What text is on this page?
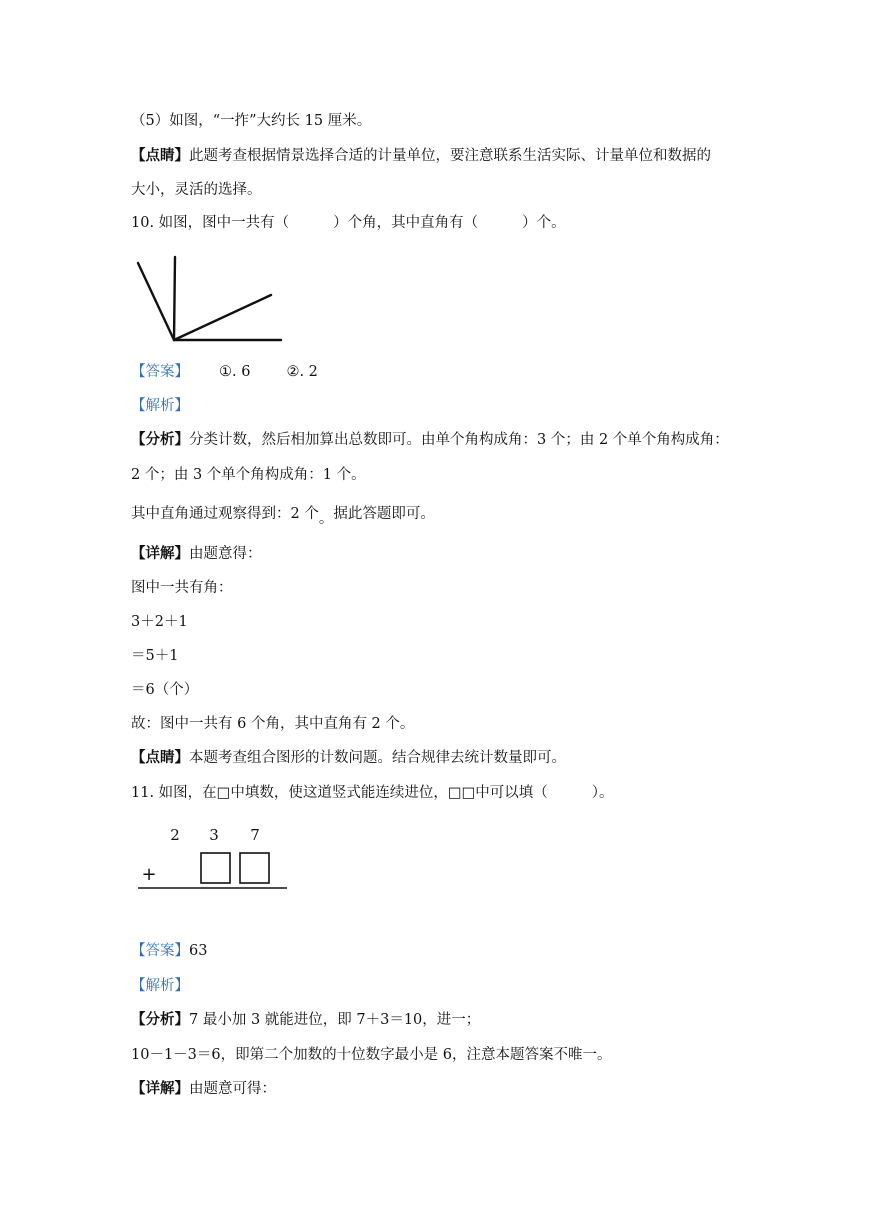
（5）如图，“一拃”大约长 15 厘米。
【点睛】此题考查根据情景选择合适的计量单位，要注意联系生活实际、计量单位和数据的
大小，灵活的选择。
10. 如图，图中一共有（	）个角，其中直角有（	）个。
【答案】 ①. 6 ②. 2
【解析】
【分析】分类计数，然后相加算出总数即可。由单个角构成角：3 个；由 2 个单个角构成角：
2 个；由 3 个单个角构成角：1 个。
其中直角通过观察得到：2 个。据此答题即可。
【详解】由题意得：
图中一共有角：
3＋2＋1
＝5＋1
＝6（个）
故：图中一共有 6 个角，其中直角有 2 个。
【点睛】本题考查组合图形的计数问题。结合规律去统计数量即可。
11. 如图，在□中填数，使这道竖式能连续进位，□□中可以填（	）。
2 3 7
+
【答案】63
【解析】
【分析】7 最小加 3 就能进位，即 7＋3＝10，进一；
10－1－3＝6，即第二个加数的十位数字最小是 6，注意本题答案不唯一。
【详解】由题意可得：
